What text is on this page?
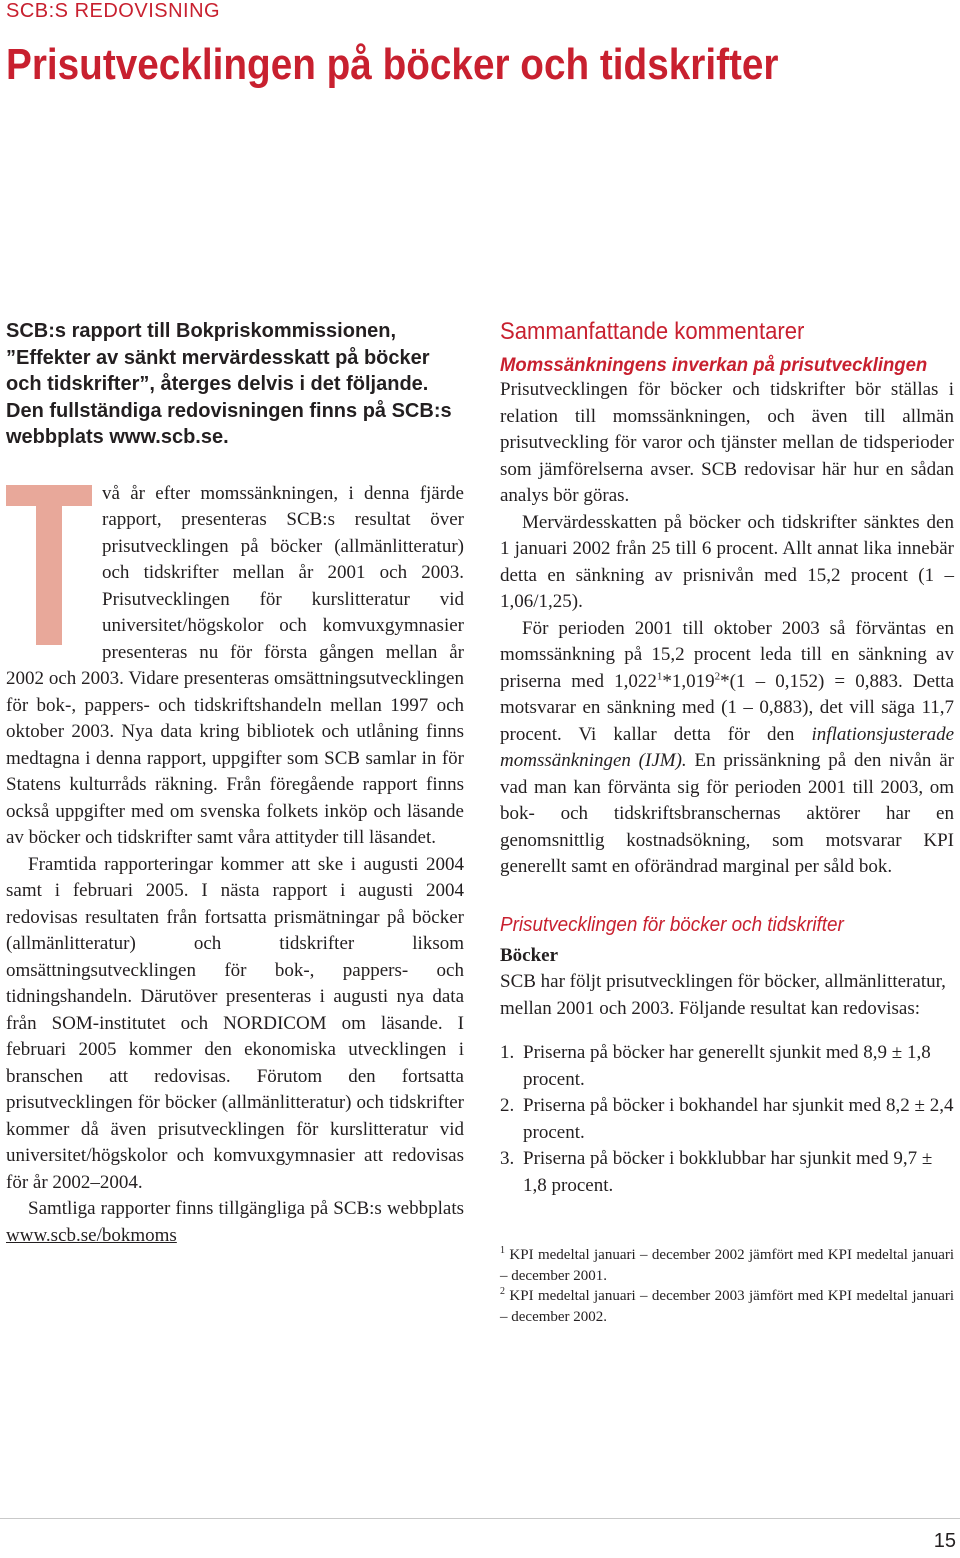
SCB:S REDOVISNING
Prisutvecklingen på böcker och tidskrifter

SCB:s rapport till Bokpriskommissionen, ”Effekter av sänkt mervärdesskatt på böcker och tidskrifter”, återges delvis i det följande. Den fullständiga redovisningen finns på SCB:s webbplats www.scb.se.

vå år efter momssänkningen, i denna fjärde rapport, presenteras SCB:s resultat över prisutvecklingen på böcker (allmänlitteratur) och tidskrifter mellan år 2001 och 2003. Prisutvecklingen för kurslitteratur vid universitet/högskolor och komvuxgymnasier presenteras nu för första gången mellan år 2002 och 2003. Vidare presenteras omsättningsutvecklingen för bok-, pappers- och tidskriftshandeln mellan 1997 och oktober 2003. Nya data kring bibliotek och utlåning finns medtagna i denna rapport, uppgifter som SCB samlar in för Statens kulturråds räkning. Från föregående rapport finns också uppgifter med om svenska folkets inköp och läsande av böcker och tidskrifter samt våra attityder till läsandet.

Framtida rapporteringar kommer att ske i augusti 2004 samt i februari 2005. I nästa rapport i augusti 2004 redovisas resultaten från fortsatta prismätningar på böcker (allmänlitteratur) och tidskrifter liksom omsättningsutvecklingen för bok-, pappers- och tidningshandeln. Därutöver presenteras i augusti nya data från SOM-institutet och NORDICOM om läsande. I februari 2005 kommer den ekonomiska utvecklingen i branschen att redovisas. Förutom den fortsatta prisutvecklingen för böcker (allmänlitteratur) och tidskrifter kommer då även prisutvecklingen för kurslitteratur vid universitet/högskolor och komvuxgymnasier att redovisas för år 2002–2004.

Samtliga rapporter finns tillgängliga på SCB:s webbplats www.scb.se/bokmoms

Sammanfattande kommentarer
Momssänkningens inverkan på prisutvecklingen

Prisutvecklingen för böcker och tidskrifter bör ställas i relation till momssänkningen, och även till allmän prisutveckling för varor och tjänster mellan de tidsperioder som jämförelserna avser. SCB redovisar här hur en sådan analys bör göras.

Mervärdesskatten på böcker och tidskrifter sänktes den 1 januari 2002 från 25 till 6 procent. Allt annat lika innebär detta en sänkning av prisnivån med 15,2 procent (1 – 1,06/1,25).

För perioden 2001 till oktober 2003 så förväntas en momssänkning på 15,2 procent leda till en sänkning av priserna med 1,022$^1$*1,019$^2$*(1 – 0,152) = 0,883. Detta motsvarar en sänkning med (1 – 0,883), det vill säga 11,7 procent. Vi kallar detta för den inflationsjusterade momssänkningen (IJM). En prissänkning på den nivån är vad man kan förvänta sig för perioden 2001 till 2003, om bok- och tidskriftsbranschernas aktörer har en genomsnittlig kostnadsökning, som motsvarar KPI generellt samt en oförändrad marginal per såld bok.

Prisutvecklingen för böcker och tidskrifter

Böcker

SCB har följt prisutvecklingen för böcker, allmänlitteratur, mellan 2001 och 2003. Följande resultat kan redovisas:

1. Priserna på böcker har generellt sjunkit med 8,9 ± 1,8 procent.
2. Priserna på böcker i bokhandel har sjunkit med 8,2 ± 2,4 procent.
3. Priserna på böcker i bokklubbar har sjunkit med 9,7 ± 1,8 procent.

$^1$ KPI medeltal januari – december 2002 jämfört med KPI medeltal januari – december 2001.

$^2$ KPI medeltal januari – december 2003 jämfört med KPI medeltal januari – december 2002.

15
